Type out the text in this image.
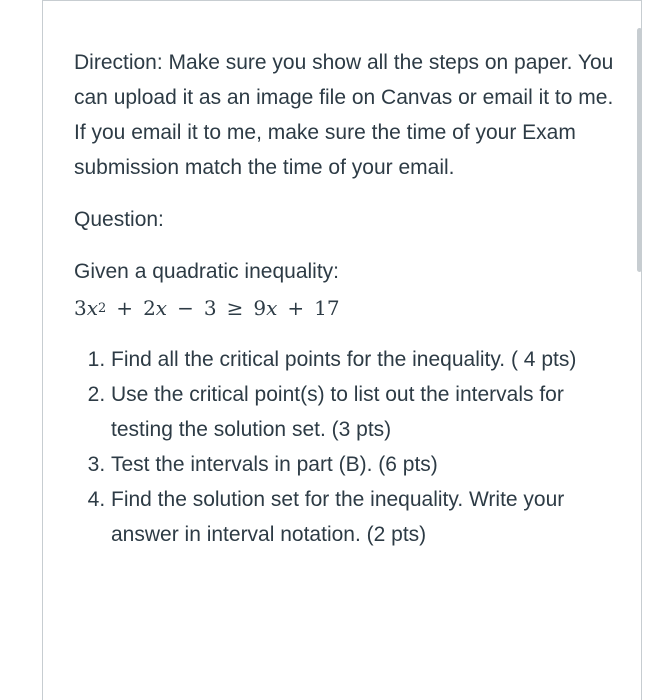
Direction: Make sure you show all the steps on paper. You can upload it as an image file on Canvas or email it to me. If you email it to me, make sure the time of your Exam submission match the time of your email.

Question:

Given a quadratic inequality:

3 $x^2 + 2$ x − 3 ≥ 9 x + 17
1. Find all the critical points for the inequality. ( 4 pts)
2. Use the critical point(s) to list out the intervals for testing the solution set. (3 pts)
3. Test the intervals in part (B). (6 pts)
4. Find the solution set for the inequality. Write your answer in interval notation. (2 pts)
